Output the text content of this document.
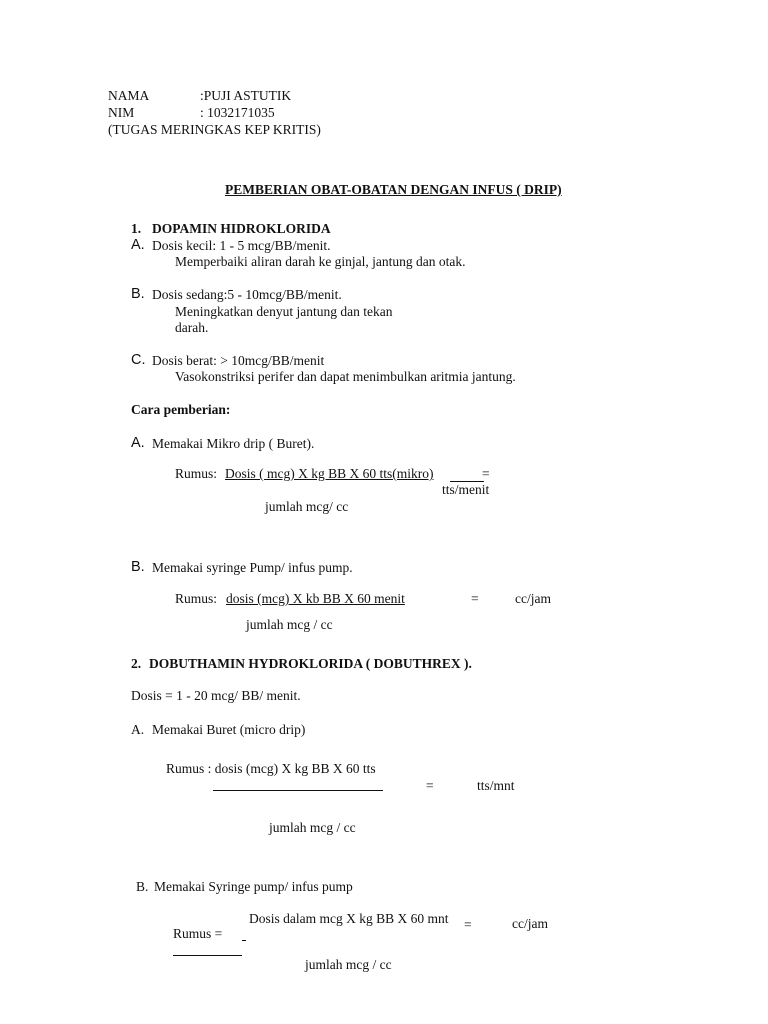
NAMA	:PUJI ASTUTIK
NIM	: 1032171035
(TUGAS MERINGKAS KEP KRITIS)
PEMBERIAN OBAT-OBATAN DENGAN INFUS ( DRIP)
1. DOPAMIN HIDROKLORIDA
A. Dosis kecil: 1 - 5 mcg/BB/menit.
Memperbaiki aliran darah ke ginjal, jantung dan otak.
B. Dosis sedang:5 - 10mcg/BB/menit.
Meningkatkan denyut jantung dan tekan
darah.
C. Dosis berat: > 10mcg/BB/menit
Vasokonstriksi perifer dan dapat menimbulkan aritmia jantung.
Cara pemberian:
A. Memakai Mikro drip ( Buret).
Rumus: Dosis ( mcg) X kg BB X 60 tts(mikro)	=
tts/menit
jumlah mcg/ cc
B. Memakai syringe Pump/ infus pump.
Rumus: dosis (mcg) X kb BB X 60 menit	=	cc/jam
jumlah mcg / cc
2. DOBUTHAMIN HYDROKLORIDA ( DOBUTHREX ).
Dosis = 1 - 20 mcg/ BB/ menit.
A. Memakai Buret (micro drip)
Rumus : dosis (mcg) X kg BB X 60 tts
=	tts/mnt
jumlah mcg / cc
B. Memakai Syringe pump/ infus pump
Dosis dalam mcg X kg BB X 60 mnt =	cc/jam
Rumus =
jumlah mcg / cc
